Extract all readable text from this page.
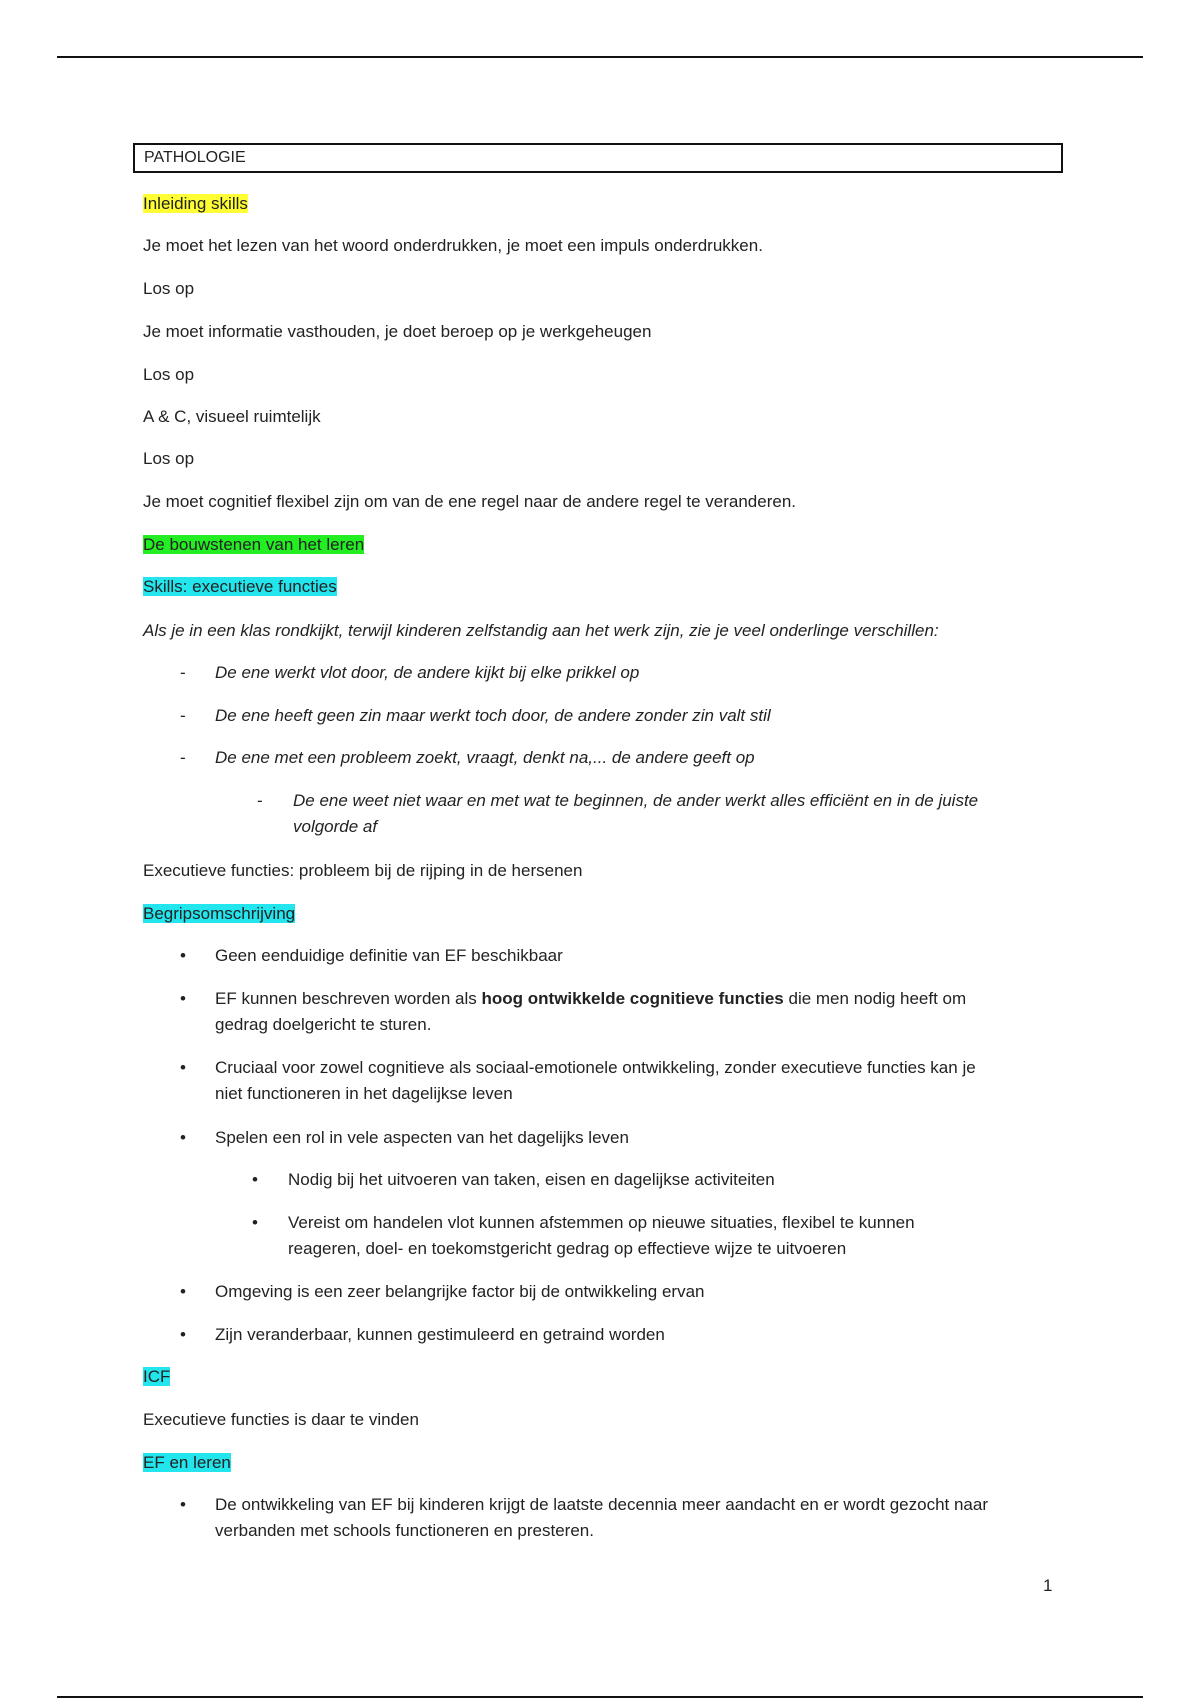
PATHOLOGIE
Inleiding skills
Je moet het lezen van het woord onderdrukken, je moet een impuls onderdrukken.
Los op
Je moet informatie vasthouden, je doet beroep op je werkgeheugen
Los op
A & C, visueel ruimtelijk
Los op
Je moet cognitief flexibel zijn om van de ene regel naar de andere regel te veranderen.
De bouwstenen van het leren
Skills: executieve functies
Als je in een klas rondkijkt, terwijl kinderen zelfstandig aan het werk zijn, zie je veel onderlinge verschillen:
- De ene werkt vlot door, de andere kijkt bij elke prikkel op
- De ene heeft geen zin maar werkt toch door, de andere zonder zin valt stil
- De ene met een probleem zoekt, vraagt, denkt na,... de andere geeft op
- De ene weet niet waar en met wat te beginnen, de ander werkt alles efficiënt en in de juiste
volgorde af
Executieve functies: probleem bij de rijping in de hersenen
Begripsomschrijving
• Geen eenduidige definitie van EF beschikbaar
• EF kunnen beschreven worden als hoog ontwikkelde cognitieve functies die men nodig heeft om
gedrag doelgericht te sturen.
• Cruciaal voor zowel cognitieve als sociaal-emotionele ontwikkeling, zonder executieve functies kan je
niet functioneren in het dagelijkse leven
• Spelen een rol in vele aspecten van het dagelijks leven
• Nodig bij het uitvoeren van taken, eisen en dagelijkse activiteiten
• Vereist om handelen vlot kunnen afstemmen op nieuwe situaties, flexibel te kunnen
reageren, doel- en toekomstgericht gedrag op effectieve wijze te uitvoeren
• Omgeving is een zeer belangrijke factor bij de ontwikkeling ervan
• Zijn veranderbaar, kunnen gestimuleerd en getraind worden
ICF
Executieve functies is daar te vinden
EF en leren
• De ontwikkeling van EF bij kinderen krijgt de laatste decennia meer aandacht en er wordt gezocht naar
verbanden met schools functioneren en presteren.
1
